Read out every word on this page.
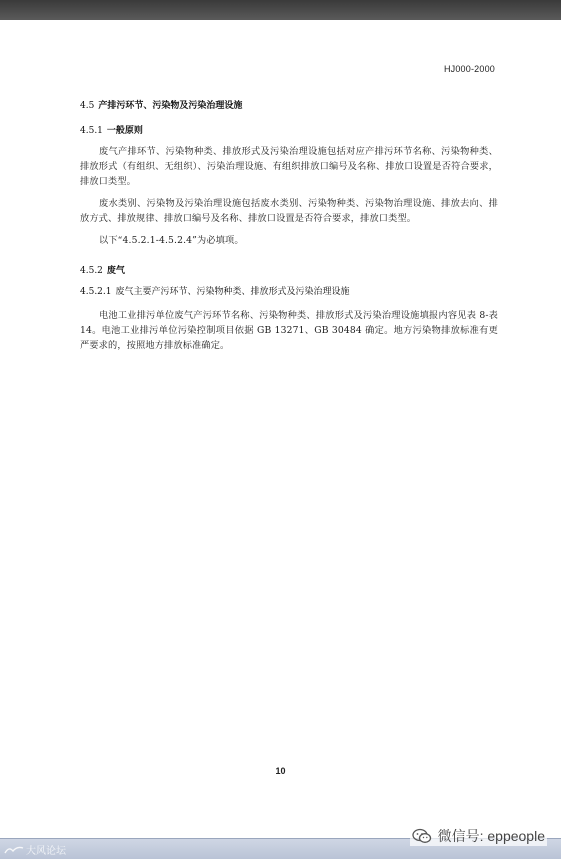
HJ000-2000
4.5 产排污环节、污染物及污染治理设施
4.5.1 一般原则
废气产排环节、污染物种类、排放形式及污染治理设施包括对应产排污环节名称、污染物种类、排放形式（有组织、无组织）、污染治理设施、有组织排放口编号及名称、排放口设置是否符合要求，排放口类型。
废水类别、污染物及污染治理设施包括废水类别、污染物种类、污染物治理设施、排放去向、排放方式、排放规律、排放口编号及名称、排放口设置是否符合要求，排放口类型。
以下“4.5.2.1-4.5.2.4”为必填项。
4.5.2 废气
4.5.2.1 废气主要产污环节、污染物种类、排放形式及污染治理设施
电池工业排污单位废气产污环节名称、污染物种类、排放形式及污染治理设施填报内容见表 8-表 14。电池工业排污单位污染控制项目依据 GB 13271、GB 30484 确定。地方污染物排放标准有更严要求的，按照地方排放标准确定。
10
大风论坛
微信号: eppeople
